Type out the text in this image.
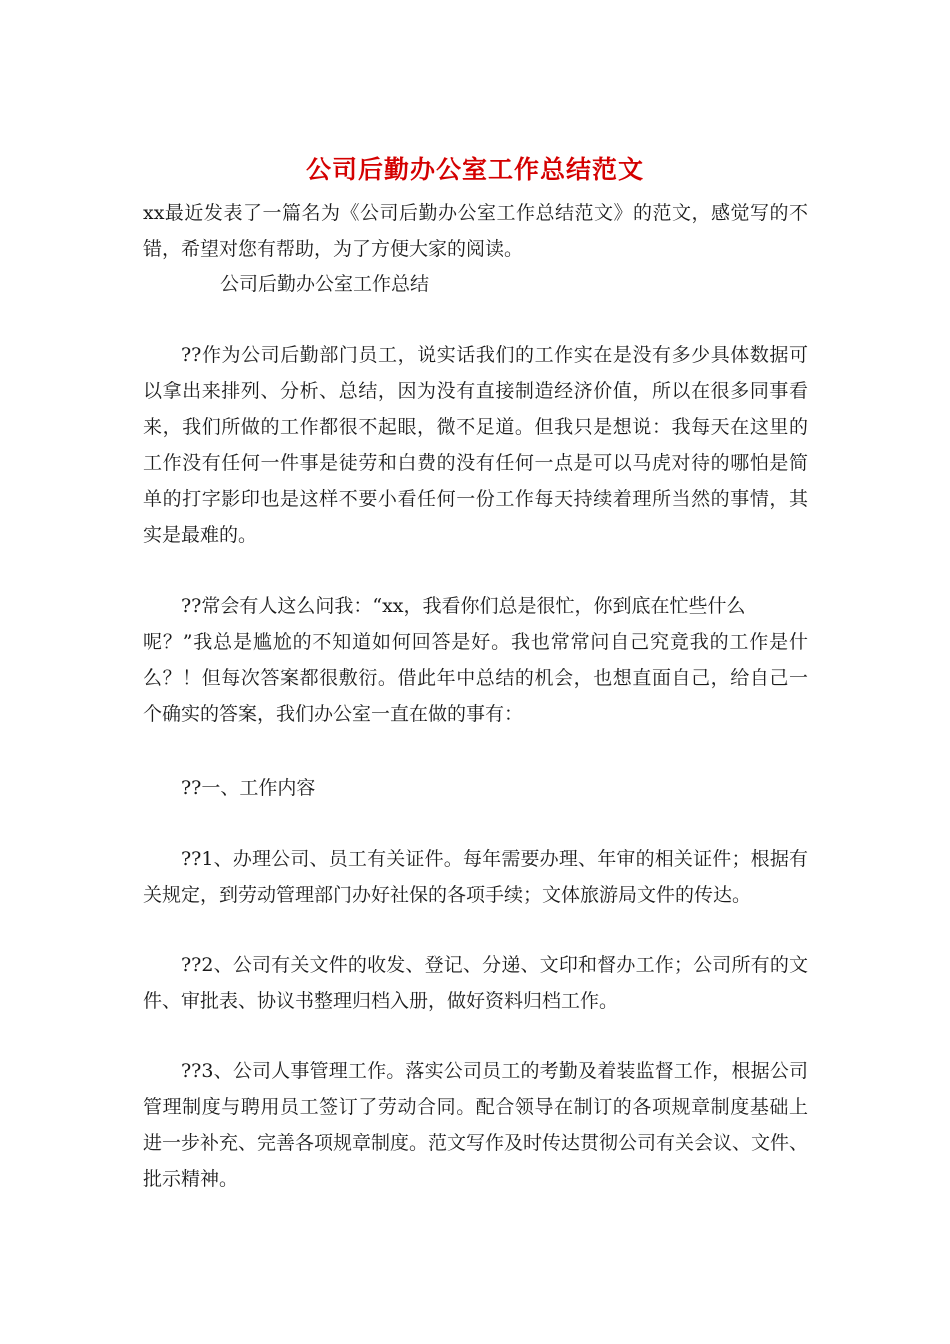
公司后勤办公室工作总结范文

xx最近发表了一篇名为《公司后勤办公室工作总结范文》的范文，感觉写的不
错，希望对您有帮助，为了方便大家的阅读。

公司后勤办公室工作总结

??作为公司后勤部门员工，说实话我们的工作实在是没有多少具体数据可
以拿出来排列、分析、总结，因为没有直接制造经济价值，所以在很多同事看
来，我们所做的工作都很不起眼，微不足道。但我只是想说：我每天在这里的
工作没有任何一件事是徒劳和白费的没有任何一点是可以马虎对待的哪怕是简
单的打字影印也是这样不要小看任何一份工作每天持续着理所当然的事情，其
实是最难的。

??常会有人这么问我：“xx，我看你们总是很忙，你到底在忙些什么
呢？”我总是尴尬的不知道如何回答是好。我也常常问自己究竟我的工作是什
么？！但每次答案都很敷衍。借此年中总结的机会，也想直面自己，给自己一
个确实的答案，我们办公室一直在做的事有：

??一、工作内容

??1、办理公司、员工有关证件。每年需要办理、年审的相关证件；根据有
关规定，到劳动管理部门办好社保的各项手续；文体旅游局文件的传达。

??2、公司有关文件的收发、登记、分递、文印和督办工作；公司所有的文
件、审批表、协议书整理归档入册，做好资料归档工作。

??3、公司人事管理工作。落实公司员工的考勤及着装监督工作，根据公司
管理制度与聘用员工签订了劳动合同。配合领导在制订的各项规章制度基础上
进一步补充、完善各项规章制度。范文写作及时传达贯彻公司有关会议、文件、
批示精神。
